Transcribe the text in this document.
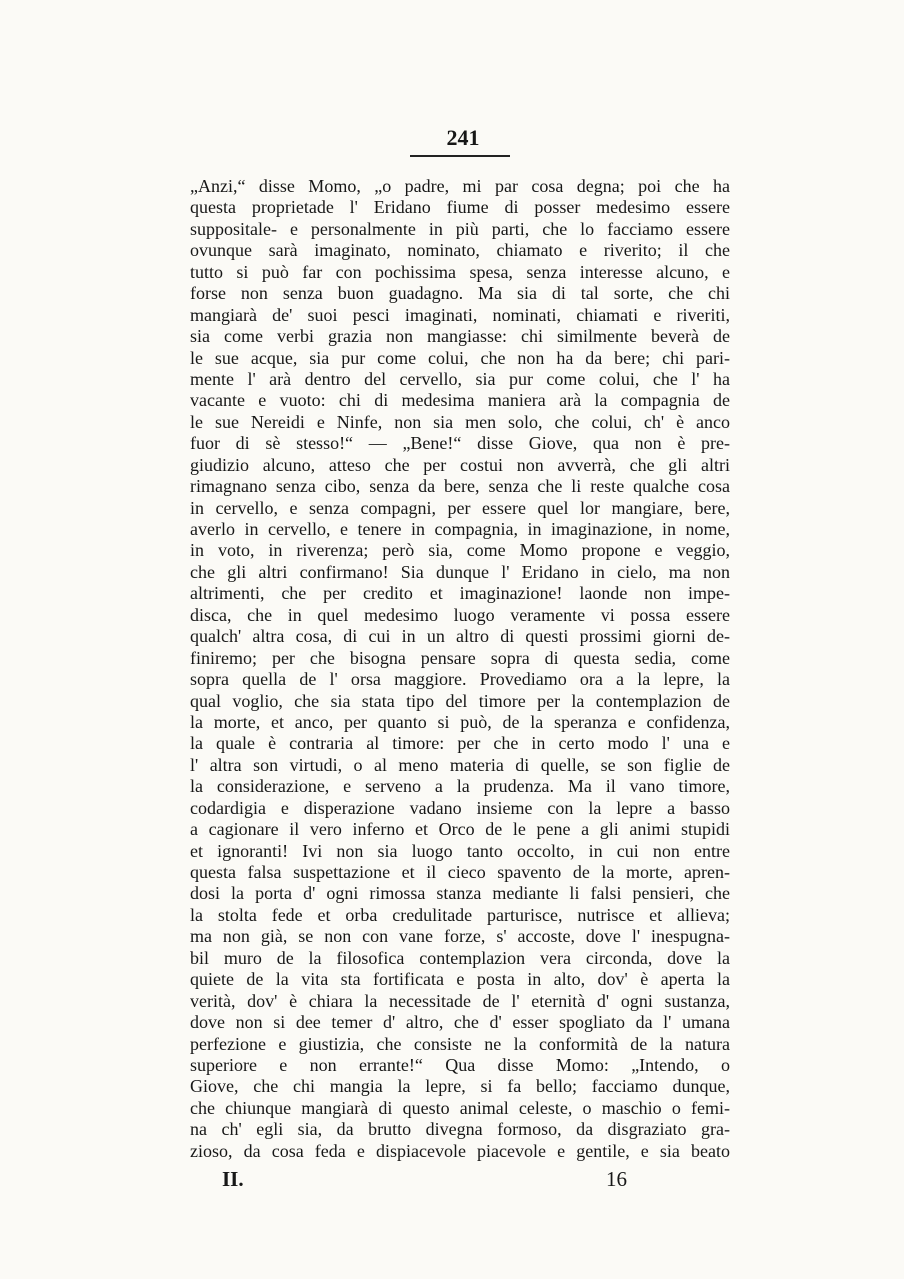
241
„Anzi,“ disse Momo, „o padre, mi par cosa degna; poi che ha
questa proprietade l' Eridano fiume di posser medesimo essere
suppositale- e personalmente in più parti, che lo facciamo essere
ovunque sarà imaginato, nominato, chiamato e riverito; il che
tutto si può far con pochissima spesa, senza interesse alcuno, e
forse non senza buon guadagno. Ma sia di tal sorte, che chi
mangiarà de' suoi pesci imaginati, nominati, chiamati e riveriti,
sia come verbi grazia non mangiasse: chi similmente beverà de
le sue acque, sia pur come colui, che non ha da bere; chi pari-
mente l' arà dentro del cervello, sia pur come colui, che l' ha
vacante e vuoto: chi di medesima maniera arà la compagnia de
le sue Nereidi e Ninfe, non sia men solo, che colui, ch' è anco
fuor di sè stesso!“ — „Bene!“ disse Giove, qua non è pre-
giudizio alcuno, atteso che per costui non avverrà, che gli altri
rimagnano senza cibo, senza da bere, senza che li reste qualche cosa
in cervello, e senza compagni, per essere quel lor mangiare, bere,
averlo in cervello, e tenere in compagnia, in imaginazione, in nome,
in voto, in riverenza; però sia, come Momo propone e veggio,
che gli altri confirmano! Sia dunque l' Eridano in cielo, ma non
altrimenti, che per credito et imaginazione! laonde non impe-
disca, che in quel medesimo luogo veramente vi possa essere
qualch' altra cosa, di cui in un altro di questi prossimi giorni de-
finiremo; per che bisogna pensare sopra di questa sedia, come
sopra quella de l' orsa maggiore. Provediamo ora a la lepre, la
qual voglio, che sia stata tipo del timore per la contemplazion de
la morte, et anco, per quanto si può, de la speranza e confidenza,
la quale è contraria al timore: per che in certo modo l' una e
l' altra son virtudi, o al meno materia di quelle, se son figlie de
la considerazione, e serveno a la prudenza. Ma il vano timore,
codardigia e disperazione vadano insieme con la lepre a basso
a cagionare il vero inferno et Orco de le pene a gli animi stupidi
et ignoranti! Ivi non sia luogo tanto occolto, in cui non entre
questa falsa suspettazione et il cieco spavento de la morte, apren-
dosi la porta d' ogni rimossa stanza mediante li falsi pensieri, che
la stolta fede et orba credulitade parturisce, nutrisce et allieva;
ma non già, se non con vane forze, s' accoste, dove l' inespugna-
bil muro de la filosofica contemplazion vera circonda, dove la
quiete de la vita sta fortificata e posta in alto, dov' è aperta la
verità, dov' è chiara la necessitade de l' eternità d' ogni sustanza,
dove non si dee temer d' altro, che d' esser spogliato da l' umana
perfezione e giustizia, che consiste ne la conformità de la natura
superiore e non errante!“ Qua disse Momo: „Intendo, o
Giove, che chi mangia la lepre, si fa bello; facciamo dunque,
che chiunque mangiarà di questo animal celeste, o maschio o femi-
na ch' egli sia, da brutto divegna formoso, da disgraziato gra-
zioso, da cosa feda e dispiacevole piacevole e gentile, e sia beato
II.	16
